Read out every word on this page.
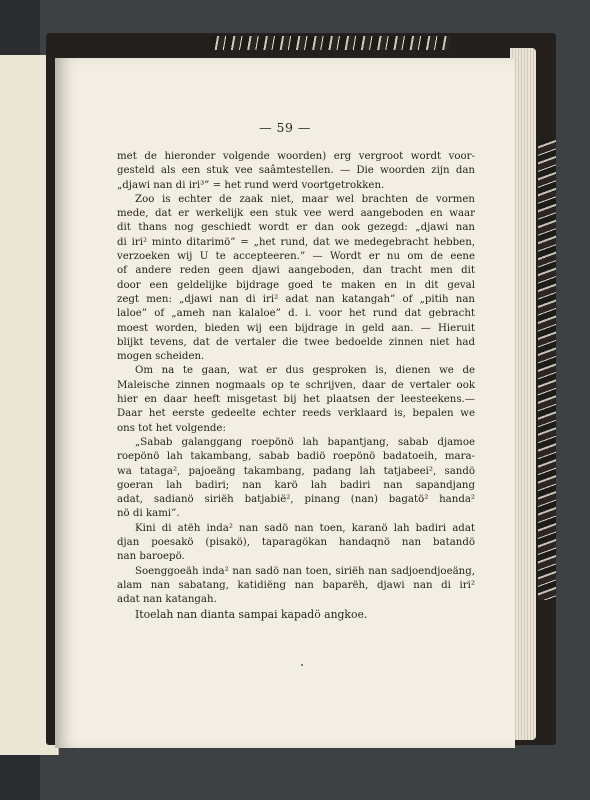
— 59 —

met de hieronder volgende woorden) erg vergroot wordt voor-
gesteld als een stuk vee saâmtestellen. — Die woorden zijn dan
„djawi nan di iri³” = het rund werd voortgetrokken.

Zoo is echter de zaak niet, maar wel brachten de vormen
mede, dat er werkelijk een stuk vee werd aangeboden en waar
dit thans nog geschiedt wordt er dan ook gezegd: „djawi nan
di iri² minto ditarimö” = „het rund, dat we medegebracht hebben,
verzoeken wij U te accepteeren.” — Wordt er nu om de eene
of andere reden geen djawi aangeboden, dan tracht men dit
door een geldelijke bijdrage goed te maken en in dit geval
zegt men: „djawi nan di iri² adat nan katangah” of „pitih nan
laloe” of „ameh nan kalaloe” d. i. voor het rund dat gebracht
moest worden, bieden wij een bijdrage in geld aan. — Hieruit
blijkt tevens, dat de vertaler die twee bedoelde zinnen niet had
mogen scheiden.

Om na te gaan, wat er dus gesproken is, dienen we de
Maleische zinnen nogmaals op te schrijven, daar de vertaler ook
hier en daar heeft misgetast bij het plaatsen der leesteekens.—
Daar het eerste gedeelte echter reeds verklaard is, bepalen we
ons tot het volgende:

„Sabab galanggang roepönö lah bapantjang, sabab djamoe
roepönö lah takambang, sabab badiö roepönö badatoeih, mara-
wa tataga², pajoeäng takambang, padang lah tatjabeei², sandö
goeran lah badiri; nan karö lah badiri nan sapandjang
adat, sadianö siriëh batjabië², pinang (nan) bagatö² handa²
nö di kami”.

Kini di atëh inda² nan sadö nan toen, karanö lah badiri adat
djan poesakö (pisakö), taparagökan handaqnö nan batandö
nan baroepö.

Soenggoeäh inda² nan sadö nan toen, siriëh nan sadjoendjoeäng,
alam nan sabatang, katidiëng nan baparëh, djawi nan di iri²
adat nan katangah.

Itoelah nan dianta sampai kapadö angkoe.
